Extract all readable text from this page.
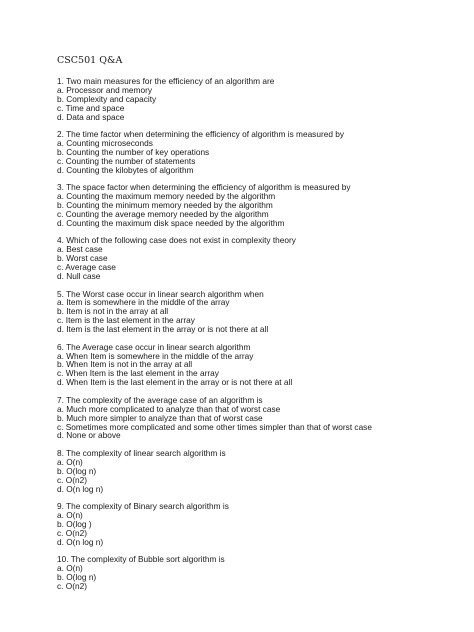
CSC501 Q&A
1. Two main measures for the efficiency of an algorithm are
a. Processor and memory
b. Complexity and capacity
c. Time and space
d. Data and space
2. The time factor when determining the efficiency of algorithm is measured by
a. Counting microseconds
b. Counting the number of key operations
c. Counting the number of statements
d. Counting the kilobytes of algorithm
3. The space factor when determining the efficiency of algorithm is measured by
a. Counting the maximum memory needed by the algorithm
b. Counting the minimum memory needed by the algorithm
c. Counting the average memory needed by the algorithm
d. Counting the maximum disk space needed by the algorithm
4. Which of the following case does not exist in complexity theory
a. Best case
b. Worst case
c. Average case
d. Null case
5. The Worst case occur in linear search algorithm when
a. Item is somewhere in the middle of the array
b. Item is not in the array at all
c. Item is the last element in the array
d. Item is the last element in the array or is not there at all
6. The Average case occur in linear search algorithm
a. When Item is somewhere in the middle of the array
b. When Item is not in the array at all
c. When Item is the last element in the array
d. When Item is the last element in the array or is not there at all
7. The complexity of the average case of an algorithm is
a. Much more complicated to analyze than that of worst case
b. Much more simpler to analyze than that of worst case
c. Sometimes more complicated and some other times simpler than that of worst case
d. None or above
8. The complexity of linear search algorithm is
a. O(n)
b. O(log n)
c. O(n2)
d. O(n log n)
9. The complexity of Binary search algorithm is
a. O(n)
b. O(log )
c. O(n2)
d. O(n log n)
10. The complexity of Bubble sort algorithm is
a. O(n)
b. O(log n)
c. O(n2)
